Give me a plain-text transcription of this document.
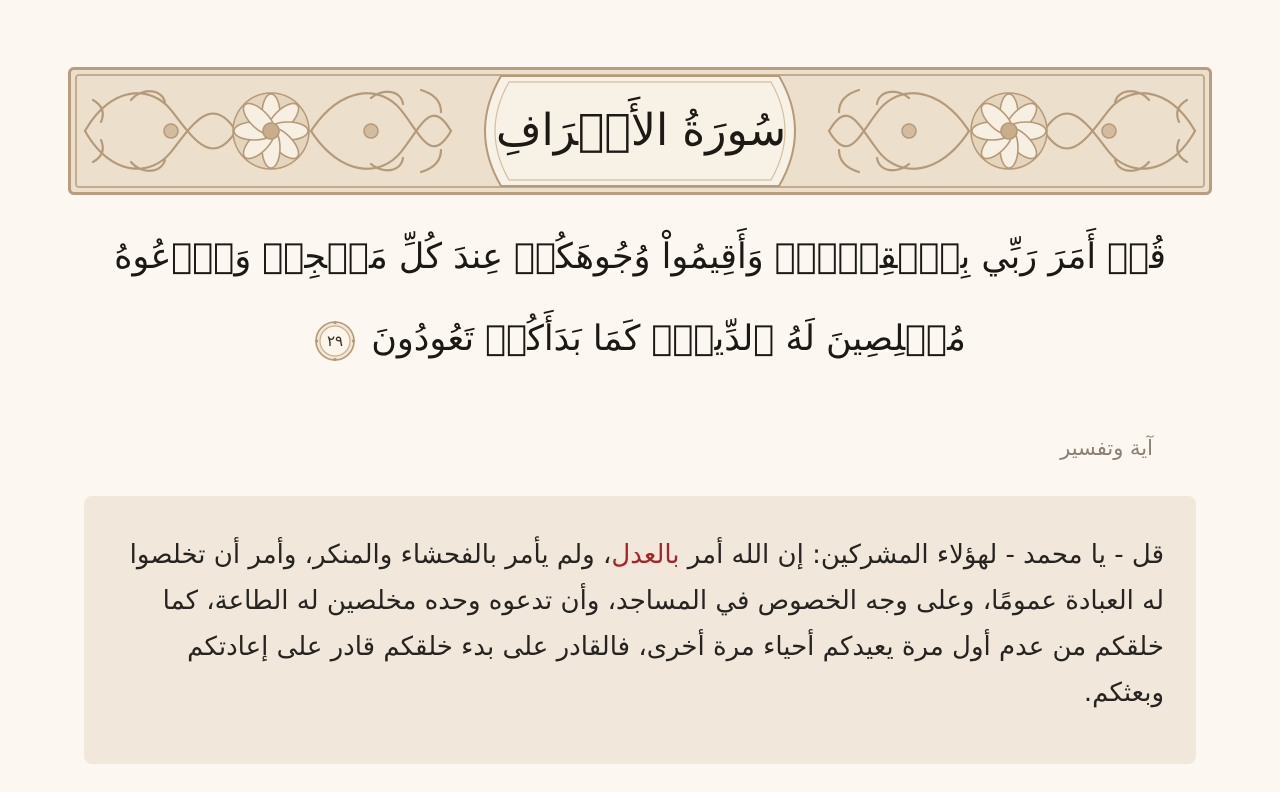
سُورَةُ الأَعۡرَافِ
قُلۡ أَمَرَ رَبِّي بِٱلۡقِسۡطِۖ وَأَقِيمُواْ وُجُوهَكُمۡ عِندَ كُلِّ مَسۡجِدٖ وَٱدۡعُوهُ مُخۡلِصِينَ لَهُ ٱلدِّينَۚ كَمَا بَدَأَكُمۡ تَعُودُونَ
٢٩
آية وتفسير
قل - يا محمد - لهؤلاء المشركين: إن الله أمر بالعدل، ولم يأمر بالفحشاء والمنكر، وأمر أن تخلصوا له العبادة عمومًا، وعلى وجه الخصوص في المساجد، وأن تدعوه وحده مخلصين له الطاعة، كما خلقكم من عدم أول مرة يعيدكم أحياء مرة أخرى، فالقادر على بدء خلقكم قادر على إعادتكم وبعثكم.
